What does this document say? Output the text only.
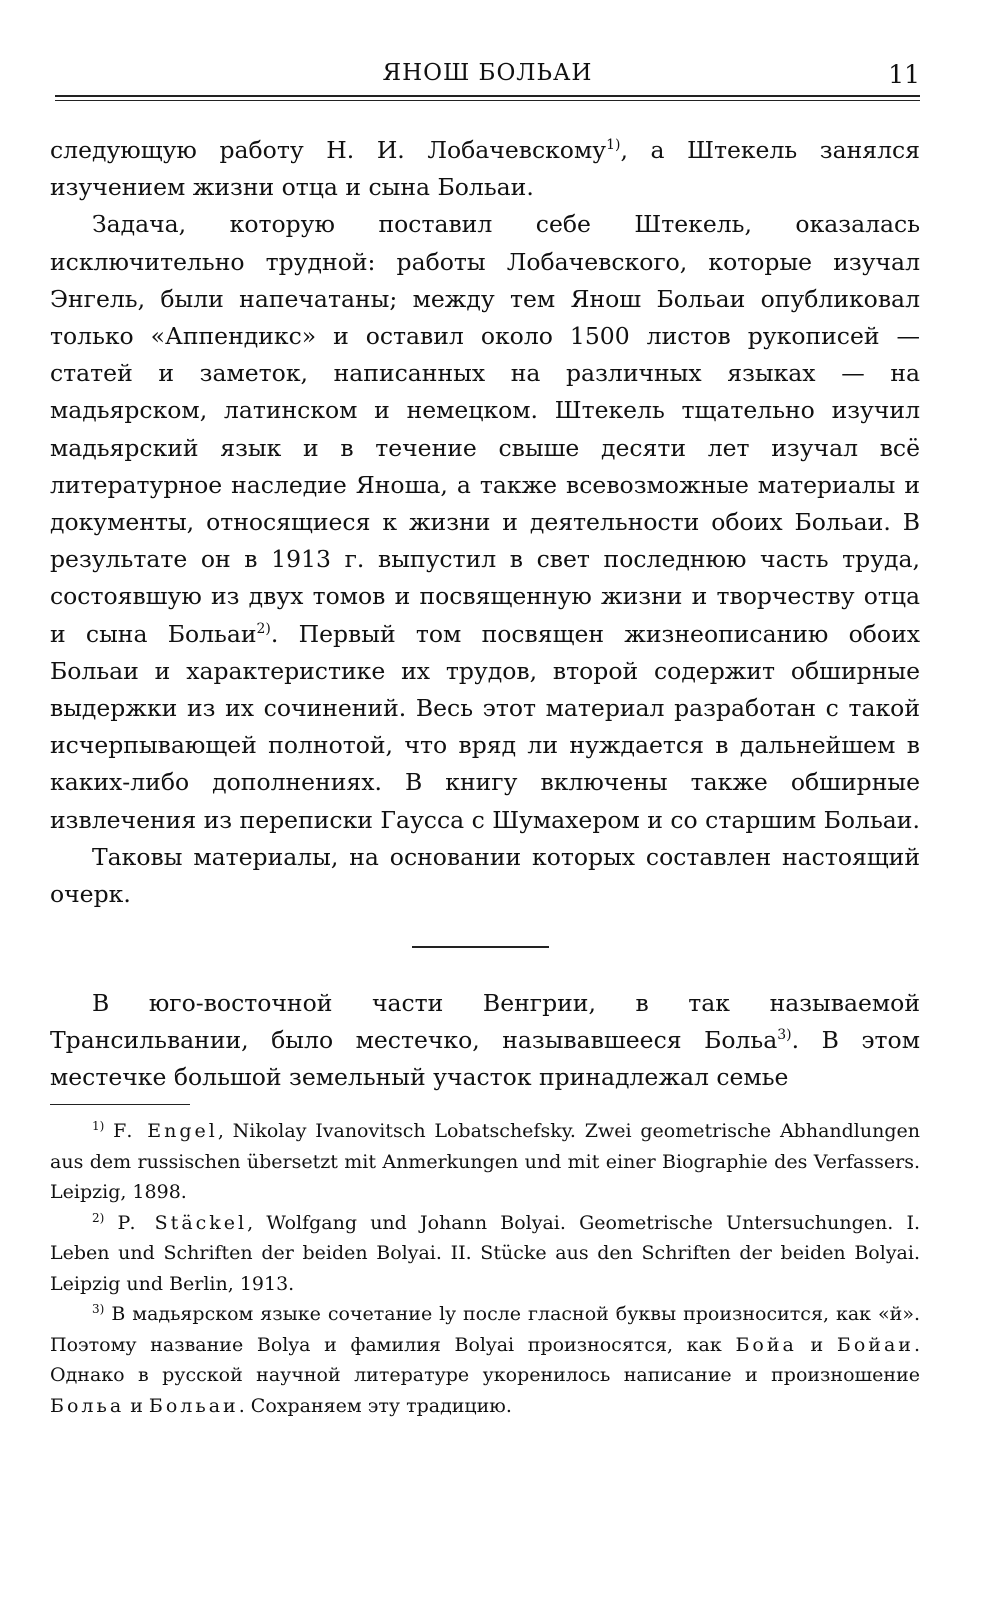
ЯНОШ БОЛЬАИ	11

следующую работу Н. И. Лобачевскому$^{1)}$, а Штекель занялся изучением жизни отца и сына Больаи.

Задача, которую поставил себе Штекель, оказалась исключительно трудной: работы Лобачевского, которые изучал Энгель, были напечатаны; между тем Янош Больаи опубликовал только «Аппендикс» и оставил около 1500 листов рукописей — статей и заметок, написанных на различных языках — на мадьярском, латинском и немецком. Штекель тщательно изучил мадьярский язык и в течение свыше десяти лет изучал всё литературное наследие Яноша, а также всевозможные материалы и документы, относящиеся к жизни и деятельности обоих Больаи. В результате он в 1913 г. выпустил в свет последнюю часть труда, состоявшую из двух томов и посвященную жизни и творчеству отца и сына Больаи$^{2)}$. Первый том посвящен жизнеописанию обоих Больаи и характеристике их трудов, второй содержит обширные выдержки из их сочинений. Весь этот материал разработан с такой исчерпывающей полнотой, что вряд ли нуждается в дальнейшем в каких-либо дополнениях. В книгу включены также обширные извлечения из переписки Гаусса с Шумахером и со старшим Больаи.

Таковы материалы, на основании которых составлен настоящий очерк.

В юго-восточной части Венгрии, в так называемой Трансильвании, было местечко, называвшееся Больа$^{3)}$. В этом местечке большой земельный участок принадлежал семье

$^{1)}$ F. Engel, Nikolay Ivanovitsch Lobatschefsky. Zwei geometrische Abhandlungen aus dem russischen übersetzt mit Anmerkungen und mit einer Biographie des Verfassers. Leipzig, 1898.

$^{2)}$ P. Stäckel, Wolfgang und Johann Bolyai. Geometrische Untersuchungen. I. Leben und Schriften der beiden Bolyai. II. Stücke aus den Schriften der beiden Bolyai. Leipzig und Berlin, 1913.

$^{3)}$ В мадьярском языке сочетание ly после гласной буквы произносится, как «й». Поэтому название Bolya и фамилия Bolyai произносятся, как Бойа и Бойаи. Однако в русской научной литературе укоренилось написание и произношение Больа и Больаи. Сохраняем эту традицию.
